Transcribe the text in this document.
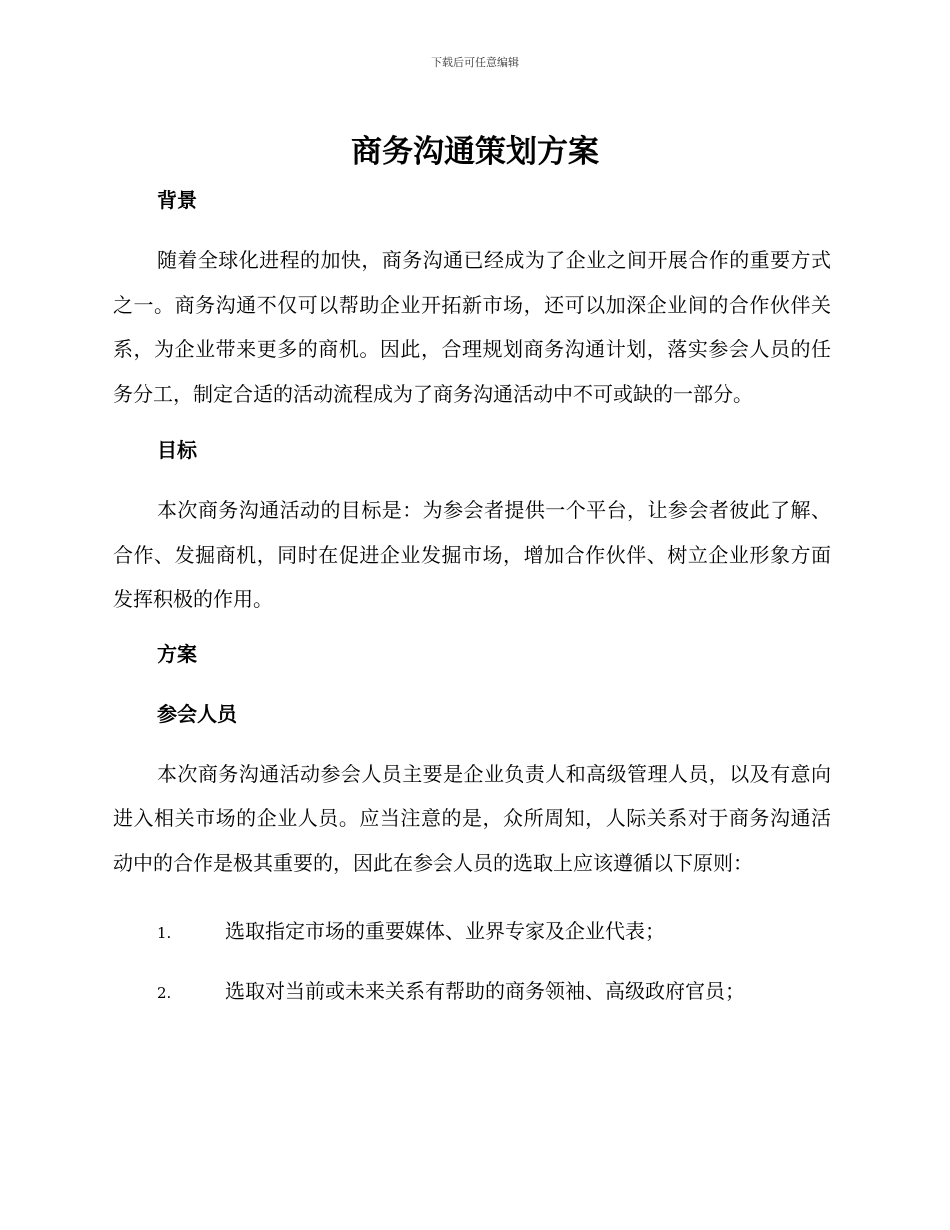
下载后可任意编辑
商务沟通策划方案
背景

随着全球化进程的加快，商务沟通已经成为了企业之间开展合作的重要方式之一。商务沟通不仅可以帮助企业开拓新市场，还可以加深企业间的合作伙伴关系，为企业带来更多的商机。因此，合理规划商务沟通计划，落实参会人员的任务分工，制定合适的活动流程成为了商务沟通活动中不可或缺的一部分。

目标

本次商务沟通活动的目标是：为参会者提供一个平台，让参会者彼此了解、合作、发掘商机，同时在促进企业发掘市场，增加合作伙伴、树立企业形象方面发挥积极的作用。

方案
参会人员

本次商务沟通活动参会人员主要是企业负责人和高级管理人员，以及有意向进入相关市场的企业人员。应当注意的是，众所周知，人际关系对于商务沟通活动中的合作是极其重要的，因此在参会人员的选取上应该遵循以下原则：

1.	选取指定市场的重要媒体、业界专家及企业代表；
2.	选取对当前或未来关系有帮助的商务领袖、高级政府官员；
